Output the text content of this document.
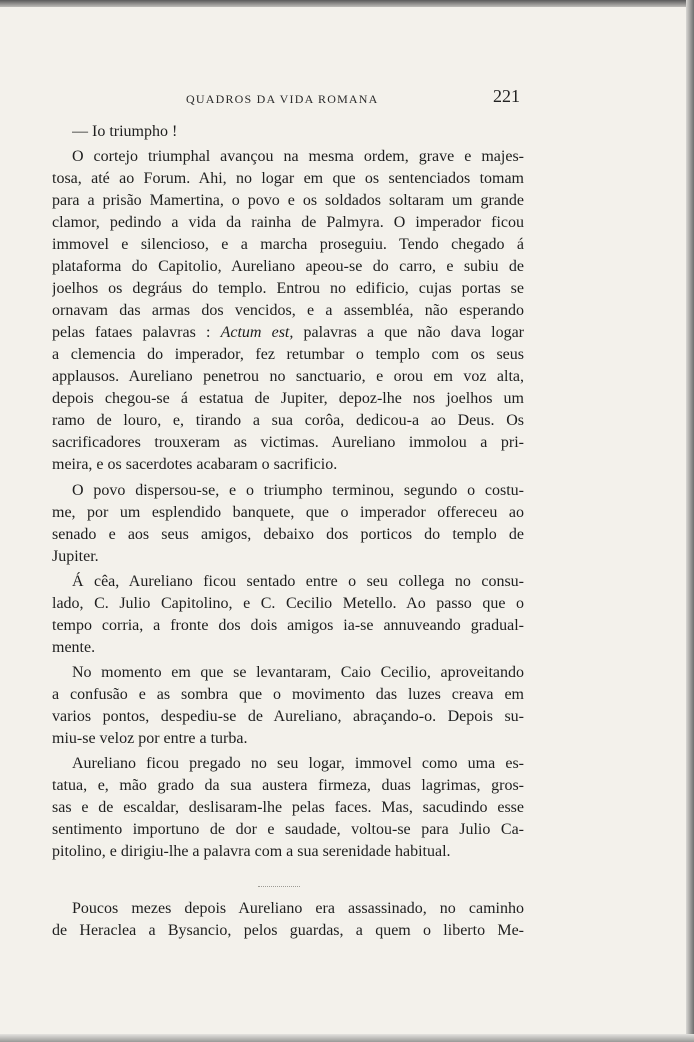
QUADROS DA VIDA ROMANA	221
— Io triumpho !
O cortejo triumphal avançou na mesma ordem, grave e majes-
tosa, até ao Forum. Ahi, no logar em que os sentenciados tomam
para a prisão Mamertina, o povo e os soldados soltaram um grande
clamor, pedindo a vida da rainha de Palmyra. O imperador ficou
immovel e silencioso, e a marcha proseguiu. Tendo chegado á
plataforma do Capitolio, Aureliano apeou-se do carro, e subiu de
joelhos os degráus do templo. Entrou no edificio, cujas portas se
ornavam das armas dos vencidos, e a assembléa, não esperando
pelas fataes palavras : Actum est, palavras a que não dava logar
a clemencia do imperador, fez retumbar o templo com os seus
applausos. Aureliano penetrou no sanctuario, e orou em voz alta,
depois chegou-se á estatua de Jupiter, depoz-lhe nos joelhos um
ramo de louro, e, tirando a sua corôa, dedicou-a ao Deus. Os
sacrificadores trouxeram as victimas. Aureliano immolou a pri-
meira, e os sacerdotes acabaram o sacrificio.
O povo dispersou-se, e o triumpho terminou, segundo o costu-
me, por um esplendido banquete, que o imperador offereceu ao
senado e aos seus amigos, debaixo dos porticos do templo de
Jupiter.
Á cêa, Aureliano ficou sentado entre o seu collega no consu-
lado, C. Julio Capitolino, e C. Cecilio Metello. Ao passo que o
tempo corria, a fronte dos dois amigos ia-se annuveando gradual-
mente.
No momento em que se levantaram, Caio Cecilio, aproveitando
a confusão e as sombra que o movimento das luzes creava em
varios pontos, despediu-se de Aureliano, abraçando-o. Depois su-
miu-se veloz por entre a turba.
Aureliano ficou pregado no seu logar, immovel como uma es-
tatua, e, mão grado da sua austera firmeza, duas lagrimas, gros-
sas e de escaldar, deslisaram-lhe pelas faces. Mas, sacudindo esse
sentimento importuno de dor e saudade, voltou-se para Julio Ca-
pitolino, e dirigiu-lhe a palavra com a sua serenidade habitual.
Poucos mezes depois Aureliano era assassinado, no caminho
de Heraclea a Bysancio, pelos guardas, a quem o liberto Me-
